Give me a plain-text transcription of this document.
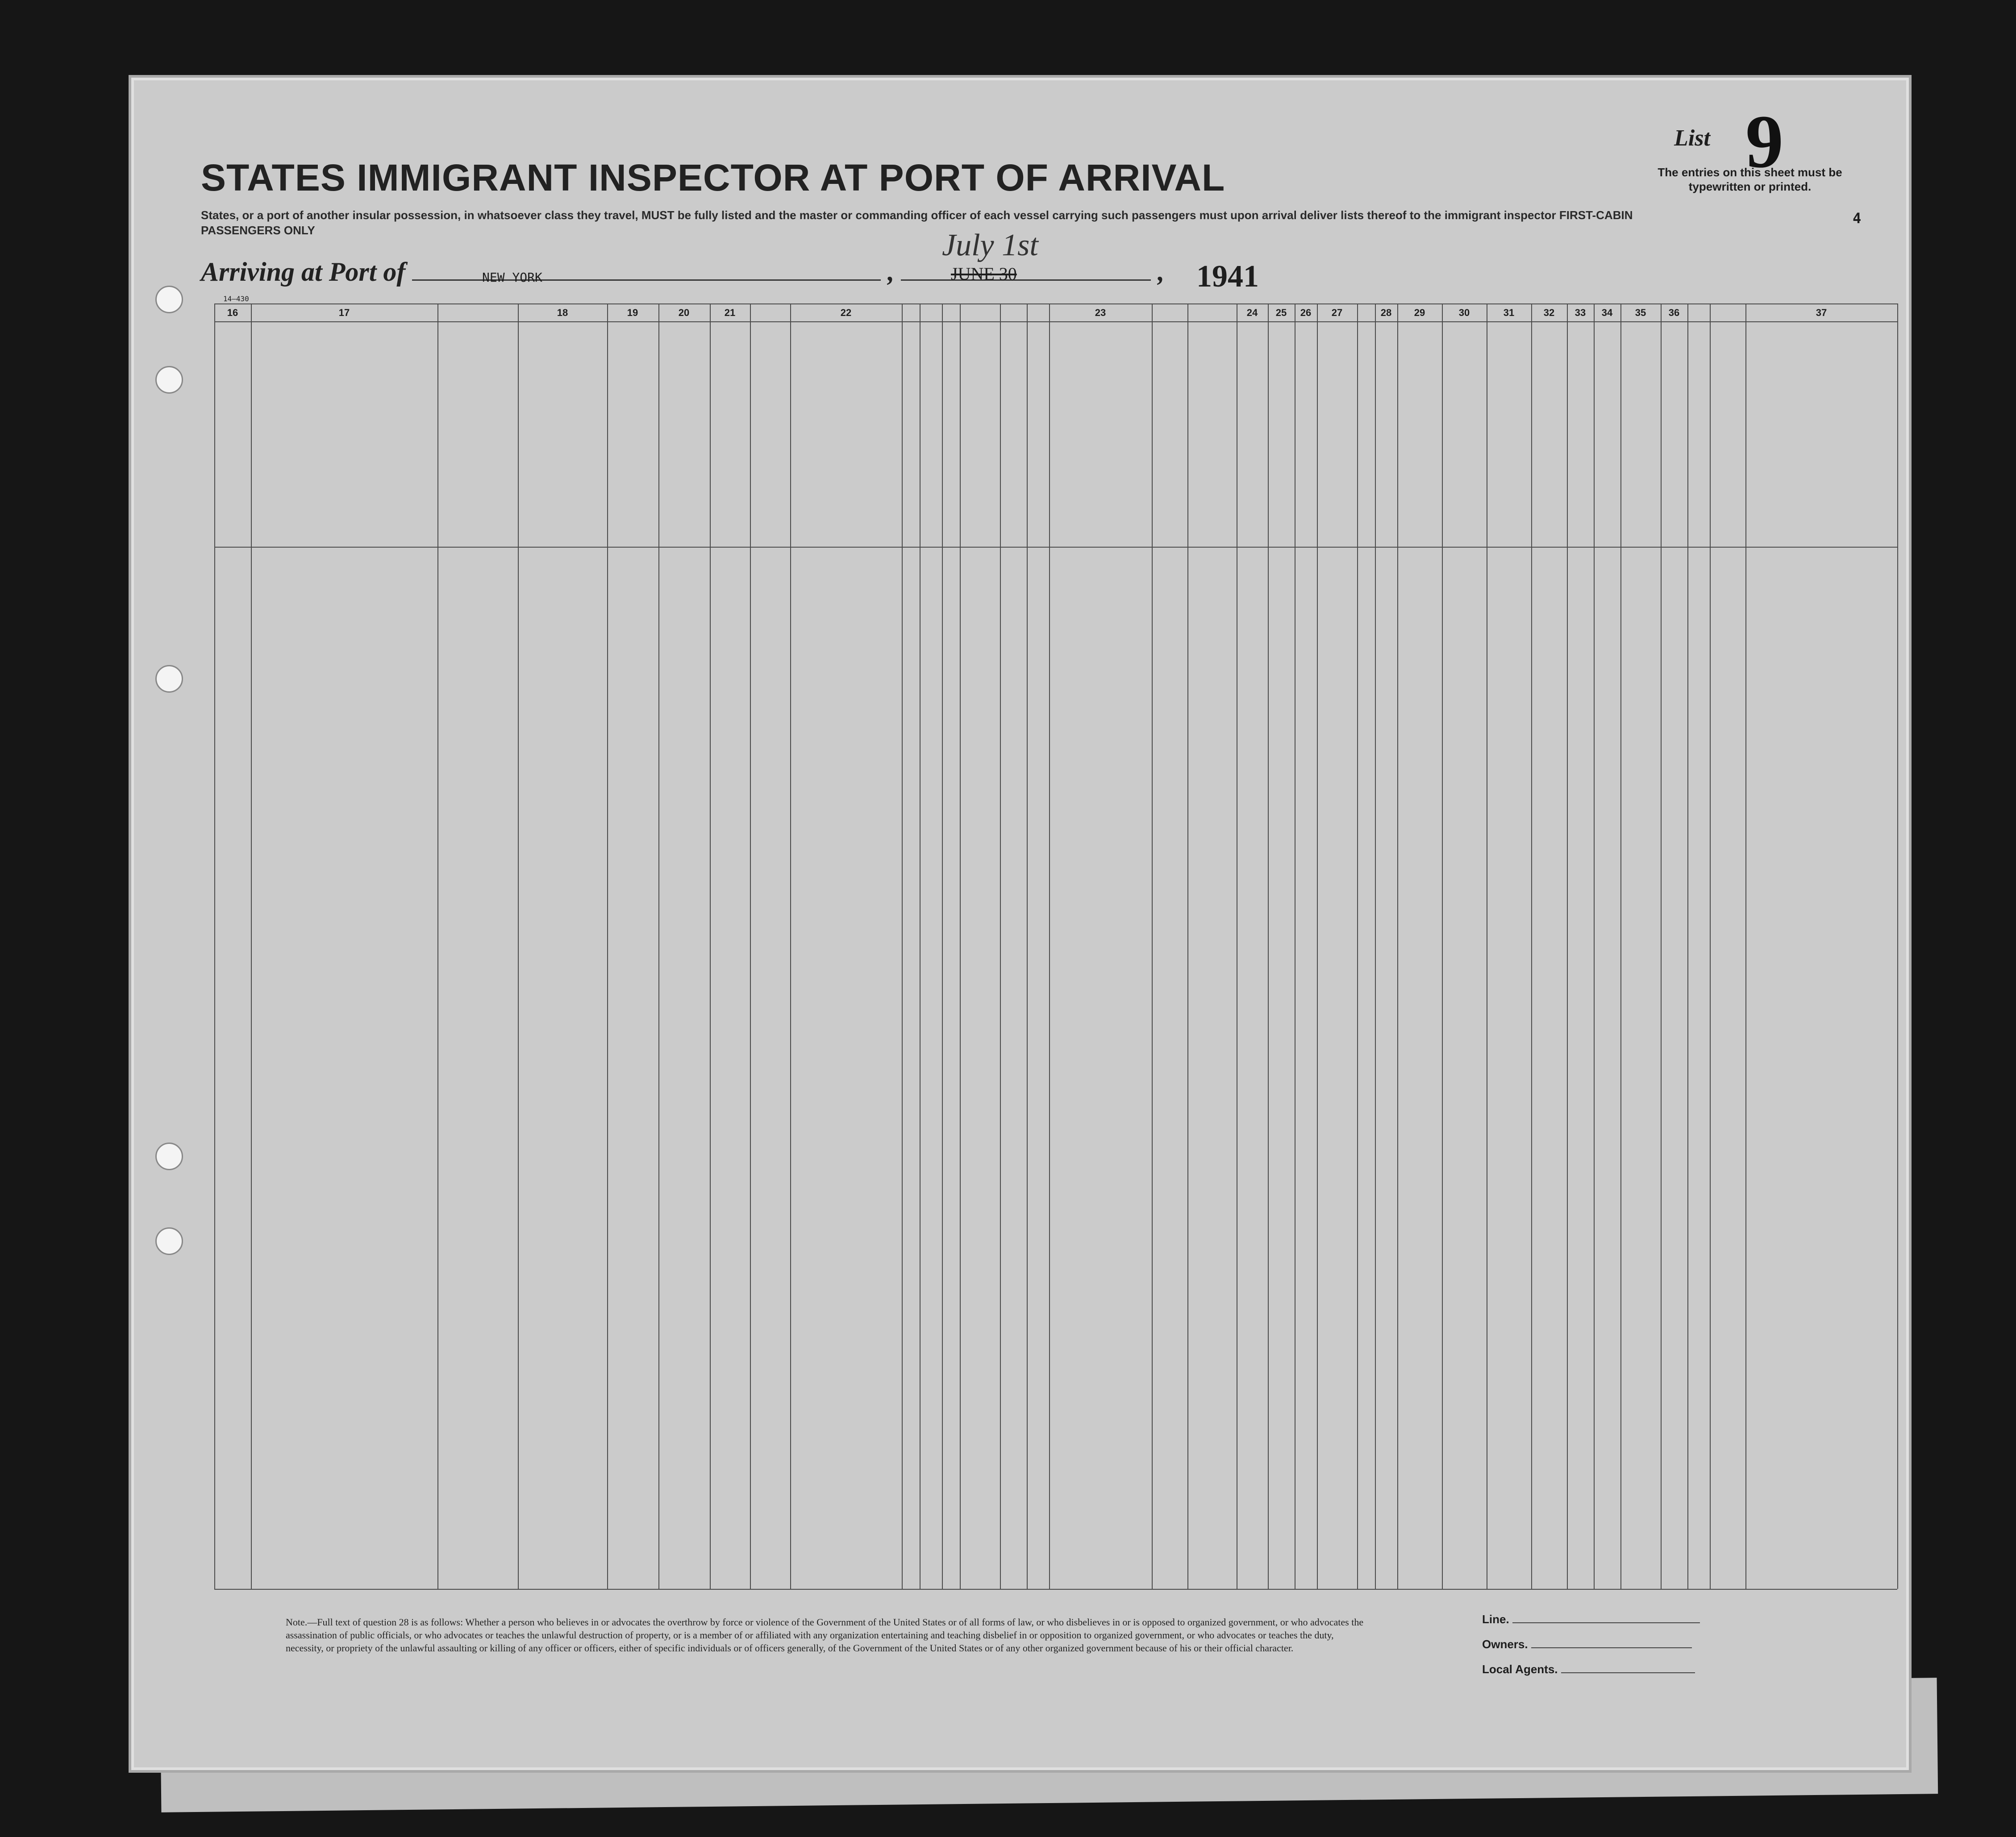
STATES IMMIGRANT INSPECTOR AT PORT OF ARRIVAL
States, or a port of another insular possession, in whatsoever class they travel, MUST be fully listed and the master or commanding officer of each vessel carrying such passengers must upon arrival deliver lists thereof to the immigrant inspector FIRST-CABIN PASSENGERS ONLY
Arriving at Port of	,	,
NEW YORK
July 1st
JUNE 30	1941
List 9
The entries on this sheet must be typewritten or printed.
4
14—430
16	17	18	19	20	21	22	23	24	25	26	27	28	29	30	31	32	33	34	35	36	37
Note.—Full text of question 28 is as follows: Whether a person who believes in or advocates the overthrow by force or violence of the Government of the United States or of all forms of law, or who disbelieves in or is opposed to organized government, or who advocates the assassination of public officials, or who advocates or teaches the unlawful destruction of property, or is a member of or affiliated with any organization entertaining and teaching disbelief in or opposition to organized government, or who advocates or teaches the duty, necessity, or propriety of the unlawful assaulting or killing of any officer or officers, either of specific individuals or of officers generally, of the Government of the United States or of any other organized government because of his or their official character.
Line.
Owners.
Local Agents.
